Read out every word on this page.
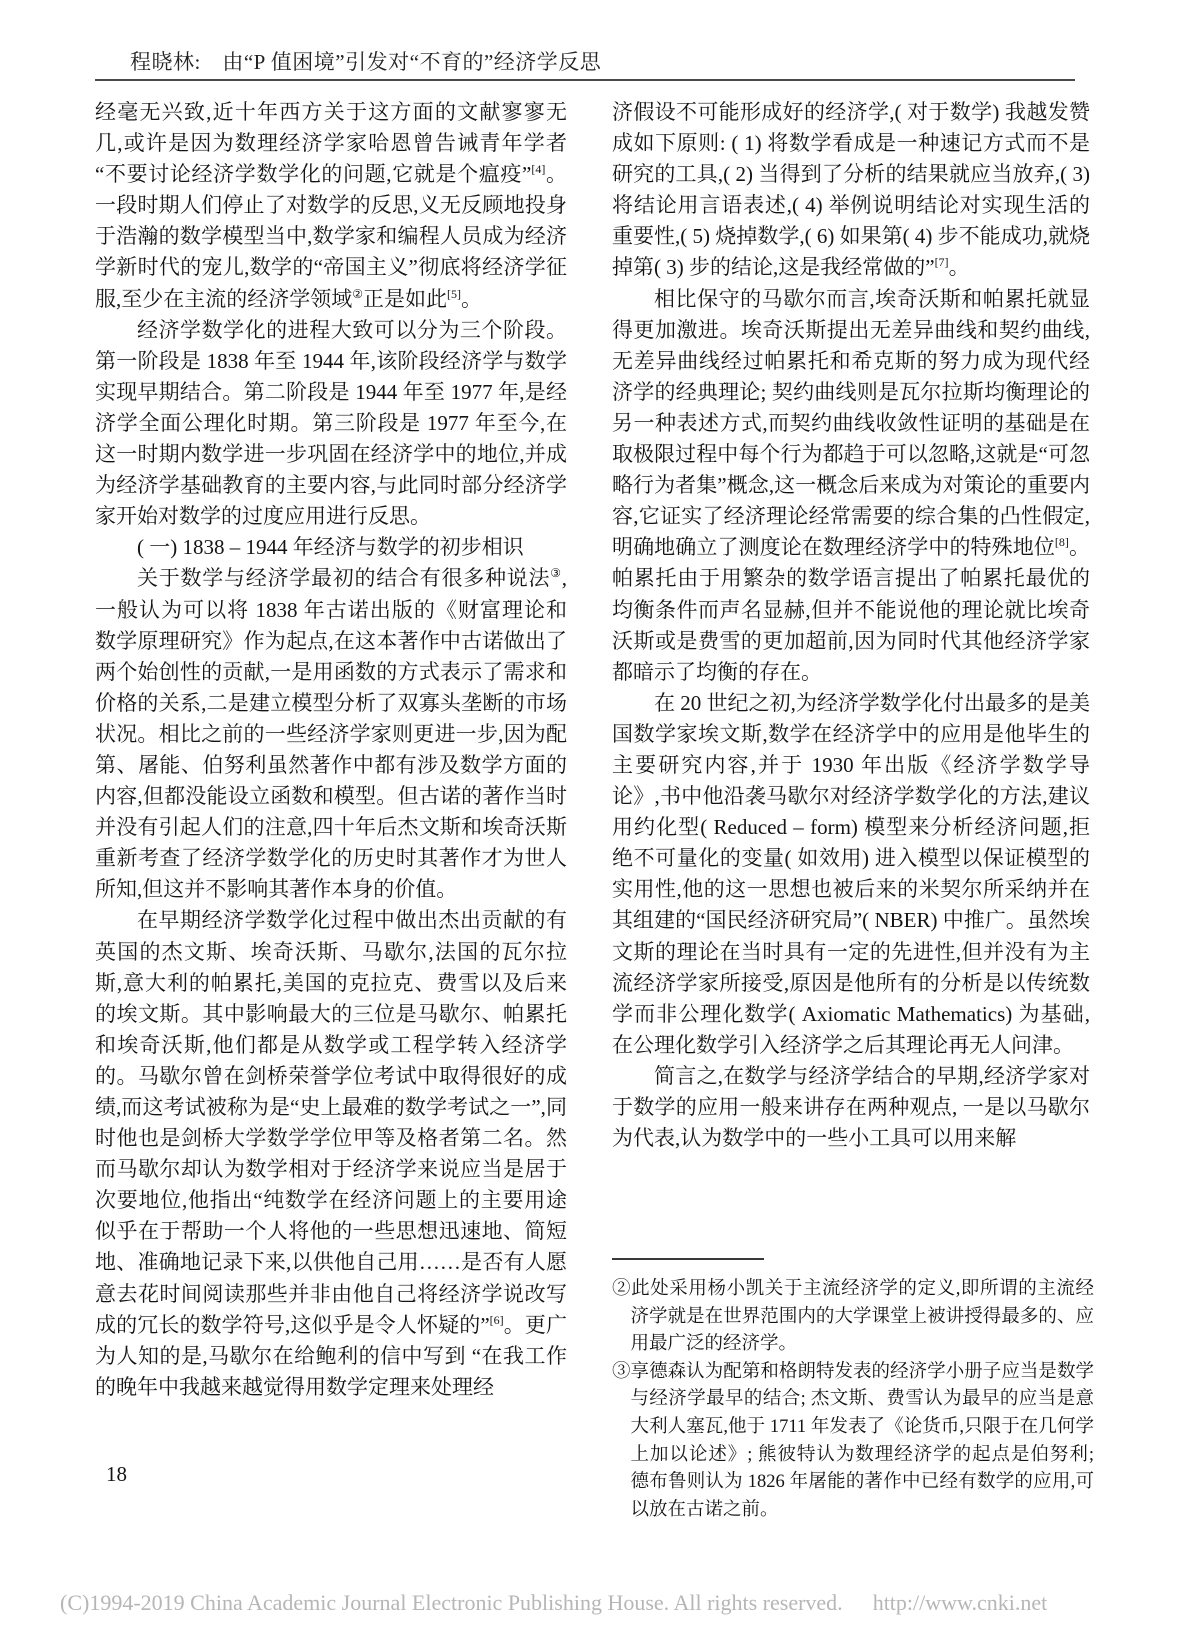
程晓林:　由“P 值困境”引发对“不育的”经济学反思

经毫无兴致,近十年西方关于这方面的文献寥寥无几,或许是因为数理经济学家哈恩曾告诫青年学者“不要讨论经济学数学化的问题,它就是个瘟疫”[4]。一段时期人们停止了对数学的反思,义无反顾地投身于浩瀚的数学模型当中,数学家和编程人员成为经济学新时代的宠儿,数学的“帝国主义”彻底将经济学征服,至少在主流的经济学领域②正是如此[5]。

经济学数学化的进程大致可以分为三个阶段。第一阶段是 1838 年至 1944 年,该阶段经济学与数学实现早期结合。第二阶段是 1944 年至 1977 年,是经济学全面公理化时期。第三阶段是 1977 年至今,在这一时期内数学进一步巩固在经济学中的地位,并成为经济学基础教育的主要内容,与此同时部分经济学家开始对数学的过度应用进行反思。

( 一) 1838 – 1944 年经济与数学的初步相识

关于数学与经济学最初的结合有很多种说法③,一般认为可以将 1838 年古诺出版的《财富理论和数学原理研究》作为起点,在这本著作中古诺做出了两个始创性的贡献,一是用函数的方式表示了需求和价格的关系,二是建立模型分析了双寡头垄断的市场状况。相比之前的一些经济学家则更进一步,因为配第、屠能、伯努利虽然著作中都有涉及数学方面的内容,但都没能设立函数和模型。但古诺的著作当时并没有引起人们的注意,四十年后杰文斯和埃奇沃斯重新考查了经济学数学化的历史时其著作才为世人所知,但这并不影响其著作本身的价值。

在早期经济学数学化过程中做出杰出贡献的有英国的杰文斯、埃奇沃斯、马歇尔,法国的瓦尔拉斯,意大利的帕累托,美国的克拉克、费雪以及后来的埃文斯。其中影响最大的三位是马歇尔、帕累托和埃奇沃斯,他们都是从数学或工程学转入经济学的。马歇尔曾在剑桥荣誉学位考试中取得很好的成绩,而这考试被称为是“史上最难的数学考试之一”,同时他也是剑桥大学数学学位甲等及格者第二名。然而马歇尔却认为数学相对于经济学来说应当是居于次要地位,他指出“纯数学在经济问题上的主要用途似乎在于帮助一个人将他的一些思想迅速地、简短地、准确地记录下来,以供他自己用……是否有人愿意去花时间阅读那些并非由他自己将经济学说改写成的冗长的数学符号,这似乎是令人怀疑的”[6]。更广为人知的是,马歇尔在给鲍利的信中写到 “在我工作的晚年中我越来越觉得用数学定理来处理经

济假设不可能形成好的经济学,( 对于数学) 我越发赞成如下原则: ( 1) 将数学看成是一种速记方式而不是研究的工具,( 2) 当得到了分析的结果就应当放弃,( 3) 将结论用言语表述,( 4) 举例说明结论对实现生活的重要性,( 5) 烧掉数学,( 6) 如果第( 4) 步不能成功,就烧掉第( 3) 步的结论,这是我经常做的”[7]。

相比保守的马歇尔而言,埃奇沃斯和帕累托就显得更加激进。埃奇沃斯提出无差异曲线和契约曲线,无差异曲线经过帕累托和希克斯的努力成为现代经济学的经典理论; 契约曲线则是瓦尔拉斯均衡理论的另一种表述方式,而契约曲线收敛性证明的基础是在取极限过程中每个行为都趋于可以忽略,这就是“可忽略行为者集”概念,这一概念后来成为对策论的重要内容,它证实了经济理论经常需要的综合集的凸性假定,明确地确立了测度论在数理经济学中的特殊地位[8]。帕累托由于用繁杂的数学语言提出了帕累托最优的均衡条件而声名显赫,但并不能说他的理论就比埃奇沃斯或是费雪的更加超前,因为同时代其他经济学家都暗示了均衡的存在。

在 20 世纪之初,为经济学数学化付出最多的是美国数学家埃文斯,数学在经济学中的应用是他毕生的主要研究内容,并于 1930 年出版《经济学数学导论》,书中他沿袭马歇尔对经济学数学化的方法,建议用约化型( Reduced – form) 模型来分析经济问题,拒绝不可量化的变量( 如效用) 进入模型以保证模型的实用性,他的这一思想也被后来的米契尔所采纳并在其组建的“国民经济研究局”( NBER) 中推广。虽然埃文斯的理论在当时具有一定的先进性,但并没有为主流经济学家所接受,原因是他所有的分析是以传统数学而非公理化数学( Axiomatic Mathematics) 为基础,在公理化数学引入经济学之后其理论再无人问津。

简言之,在数学与经济学结合的早期,经济学家对于数学的应用一般来讲存在两种观点, 一是以马歇尔为代表,认为数学中的一些小工具可以用来解

②此处采用杨小凯关于主流经济学的定义,即所谓的主流经济学就是在世界范围内的大学课堂上被讲授得最多的、应用最广泛的经济学。

③享德森认为配第和格朗特发表的经济学小册子应当是数学与经济学最早的结合; 杰文斯、费雪认为最早的应当是意大利人塞瓦,他于 1711 年发表了《论货币,只限于在几何学上加以论述》; 熊彼特认为数理经济学的起点是伯努利; 德布鲁则认为 1826 年屠能的著作中已经有数学的应用,可以放在古诺之前。

18

(C)1994-2019 China Academic Journal Electronic Publishing House. All rights reserved. http://www.cnki.net
